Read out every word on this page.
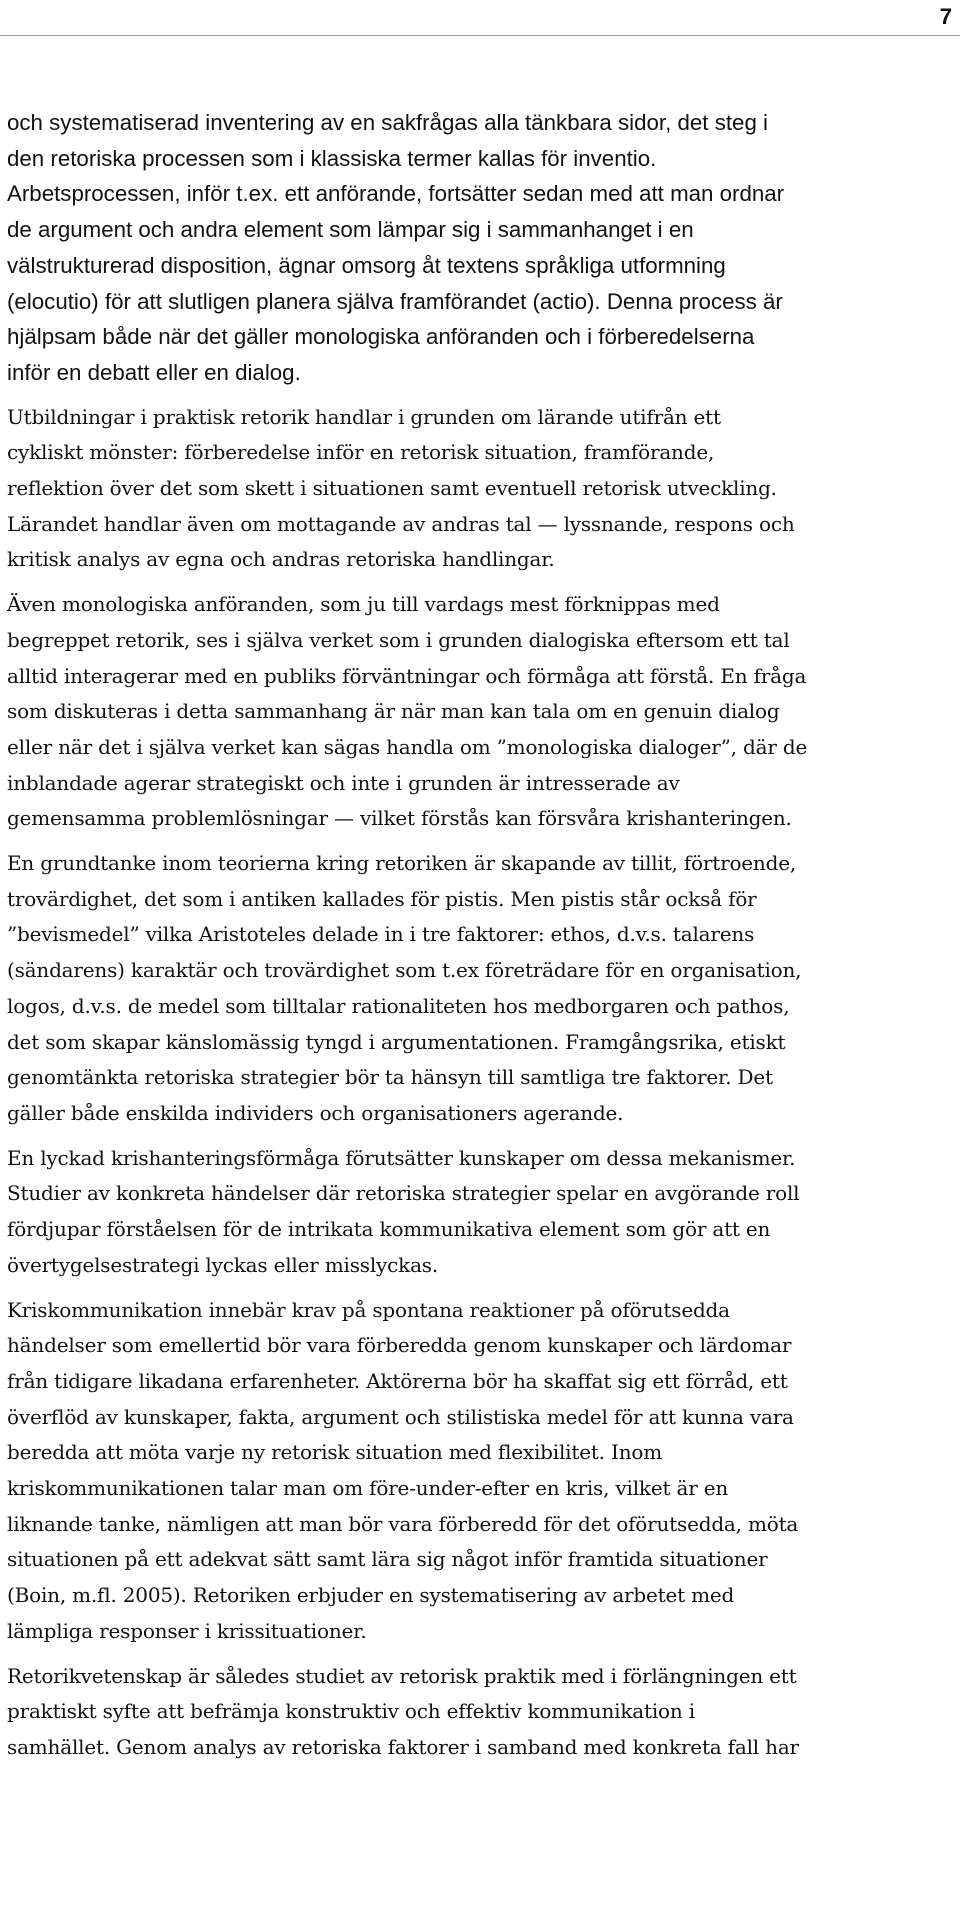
7

och systematiserad inventering av en sakfrågas alla tänkbara sidor, det steg i
den retoriska processen som i klassiska termer kallas för inventio.
Arbetsprocessen, inför t.ex. ett anförande, fortsätter sedan med att man ordnar
de argument och andra element som lämpar sig i sammanhanget i en
välstrukturerad disposition, ägnar omsorg åt textens språkliga utformning
(elocutio) för att slutligen planera själva framförandet (actio). Denna process är
hjälpsam både när det gäller monologiska anföranden och i förberedelserna
inför en debatt eller en dialog.

Utbildningar i praktisk retorik handlar i grunden om lärande utifrån ett
cykliskt mönster: förberedelse inför en retorisk situation, framförande,
reflektion över det som skett i situationen samt eventuell retorisk utveckling.
Lärandet handlar även om mottagande av andras tal — lyssnande, respons och
kritisk analys av egna och andras retoriska handlingar.

Även monologiska anföranden, som ju till vardags mest förknippas med
begreppet retorik, ses i själva verket som i grunden dialogiska eftersom ett tal
alltid interagerar med en publiks förväntningar och förmåga att förstå. En fråga
som diskuteras i detta sammanhang är när man kan tala om en genuin dialog
eller när det i själva verket kan sägas handla om ”monologiska dialoger”, där de
inblandade agerar strategiskt och inte i grunden är intresserade av
gemensamma problemlösningar — vilket förstås kan försvåra krishanteringen.

En grundtanke inom teorierna kring retoriken är skapande av tillit, förtroende,
trovärdighet, det som i antiken kallades för pistis. Men pistis står också för
”bevismedel” vilka Aristoteles delade in i tre faktorer: ethos, d.v.s. talarens
(sändarens) karaktär och trovärdighet som t.ex företrädare för en organisation,
logos, d.v.s. de medel som tilltalar rationaliteten hos medborgaren och pathos,
det som skapar känslomässig tyngd i argumentationen. Framgångsrika, etiskt
genomtänkta retoriska strategier bör ta hänsyn till samtliga tre faktorer. Det
gäller både enskilda individers och organisationers agerande.

En lyckad krishanteringsförmåga förutsätter kunskaper om dessa mekanismer.
Studier av konkreta händelser där retoriska strategier spelar en avgörande roll
fördjupar förståelsen för de intrikata kommunikativa element som gör att en
övertygelsestrategi lyckas eller misslyckas.

Kriskommunikation innebär krav på spontana reaktioner på oförutsedda
händelser som emellertid bör vara förberedda genom kunskaper och lärdomar
från tidigare likadana erfarenheter. Aktörerna bör ha skaffat sig ett förråd, ett
överflöd av kunskaper, fakta, argument och stilistiska medel för att kunna vara
beredda att möta varje ny retorisk situation med flexibilitet. Inom
kriskommunikationen talar man om före-under-efter en kris, vilket är en
liknande tanke, nämligen att man bör vara förberedd för det oförutsedda, möta
situationen på ett adekvat sätt samt lära sig något inför framtida situationer
(Boin, m.fl. 2005). Retoriken erbjuder en systematisering av arbetet med
lämpliga responser i krissituationer.

Retorikvetenskap är således studiet av retorisk praktik med i förlängningen ett
praktiskt syfte att befrämja konstruktiv och effektiv kommunikation i
samhället. Genom analys av retoriska faktorer i samband med konkreta fall har
